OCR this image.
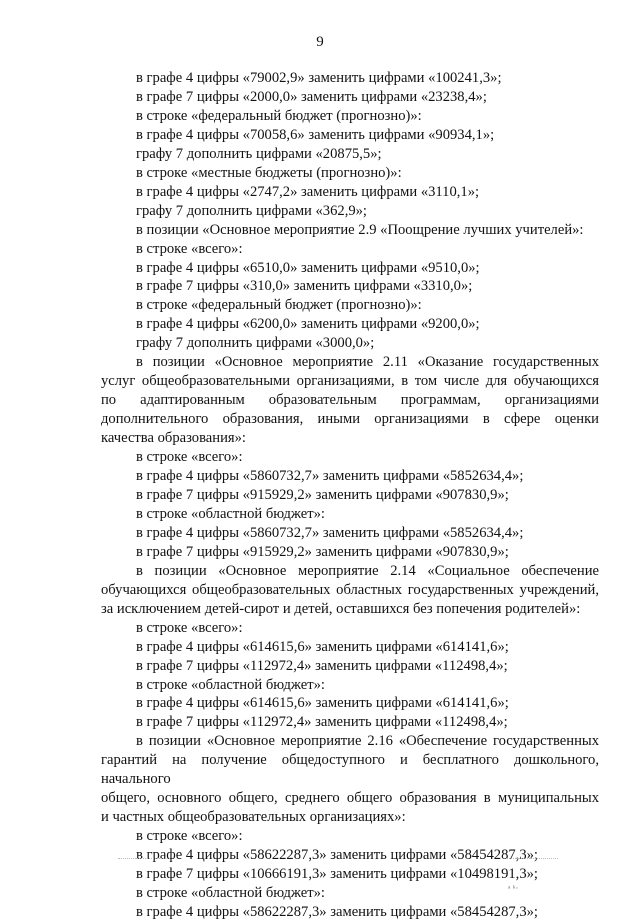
9
в графе 4 цифры «79002,9» заменить цифрами «100241,3»;
в графе 7 цифры «2000,0» заменить цифрами «23238,4»;
в строке «федеральный бюджет (прогнозно)»:
в графе 4 цифры «70058,6» заменить цифрами «90934,1»;
графу 7 дополнить цифрами «20875,5»;
в строке «местные бюджеты (прогнозно)»:
в графе 4 цифры «2747,2» заменить цифрами «3110,1»;
графу 7 дополнить цифрами «362,9»;
в позиции «Основное мероприятие 2.9 «Поощрение лучших учителей»:
в строке «всего»:
в графе 4 цифры «6510,0» заменить цифрами «9510,0»;
в графе 7 цифры «310,0» заменить цифрами «3310,0»;
в строке «федеральный бюджет (прогнозно)»:
в графе 4 цифры «6200,0» заменить цифрами «9200,0»;
графу 7 дополнить цифрами «3000,0»;
в позиции «Основное мероприятие 2.11 «Оказание государственных
услуг общеобразовательными организациями, в том числе для обучающихся
по адаптированным образовательным программам, организациями
дополнительного образования, иными организациями в сфере оценки
качества образования»:
в строке «всего»:
в графе 4 цифры «5860732,7» заменить цифрами «5852634,4»;
в графе 7 цифры «915929,2» заменить цифрами «907830,9»;
в строке «областной бюджет»:
в графе 4 цифры «5860732,7» заменить цифрами «5852634,4»;
в графе 7 цифры «915929,2» заменить цифрами «907830,9»;
в позиции «Основное мероприятие 2.14 «Социальное обеспечение
обучающихся общеобразовательных областных государственных учреждений,
за исключением детей-сирот и детей, оставшихся без попечения родителей»:
в строке «всего»:
в графе 4 цифры «614615,6» заменить цифрами «614141,6»;
в графе 7 цифры «112972,4» заменить цифрами «112498,4»;
в строке «областной бюджет»:
в графе 4 цифры «614615,6» заменить цифрами «614141,6»;
в графе 7 цифры «112972,4» заменить цифрами «112498,4»;
в позиции «Основное мероприятие 2.16 «Обеспечение государственных
гарантий на получение общедоступного и бесплатного дошкольного, начального
общего, основного общего, среднего общего образования в муниципальных
и частных общеобразовательных организациях»:
в строке «всего»:
в графе 4 цифры «58622287,3» заменить цифрами «58454287,3»;
в графе 7 цифры «10666191,3» заменить цифрами «10498191,3»;
в строке «областной бюджет»:
в графе 4 цифры «58622287,3» заменить цифрами «58454287,3»;
ᵃ ᵏ·
